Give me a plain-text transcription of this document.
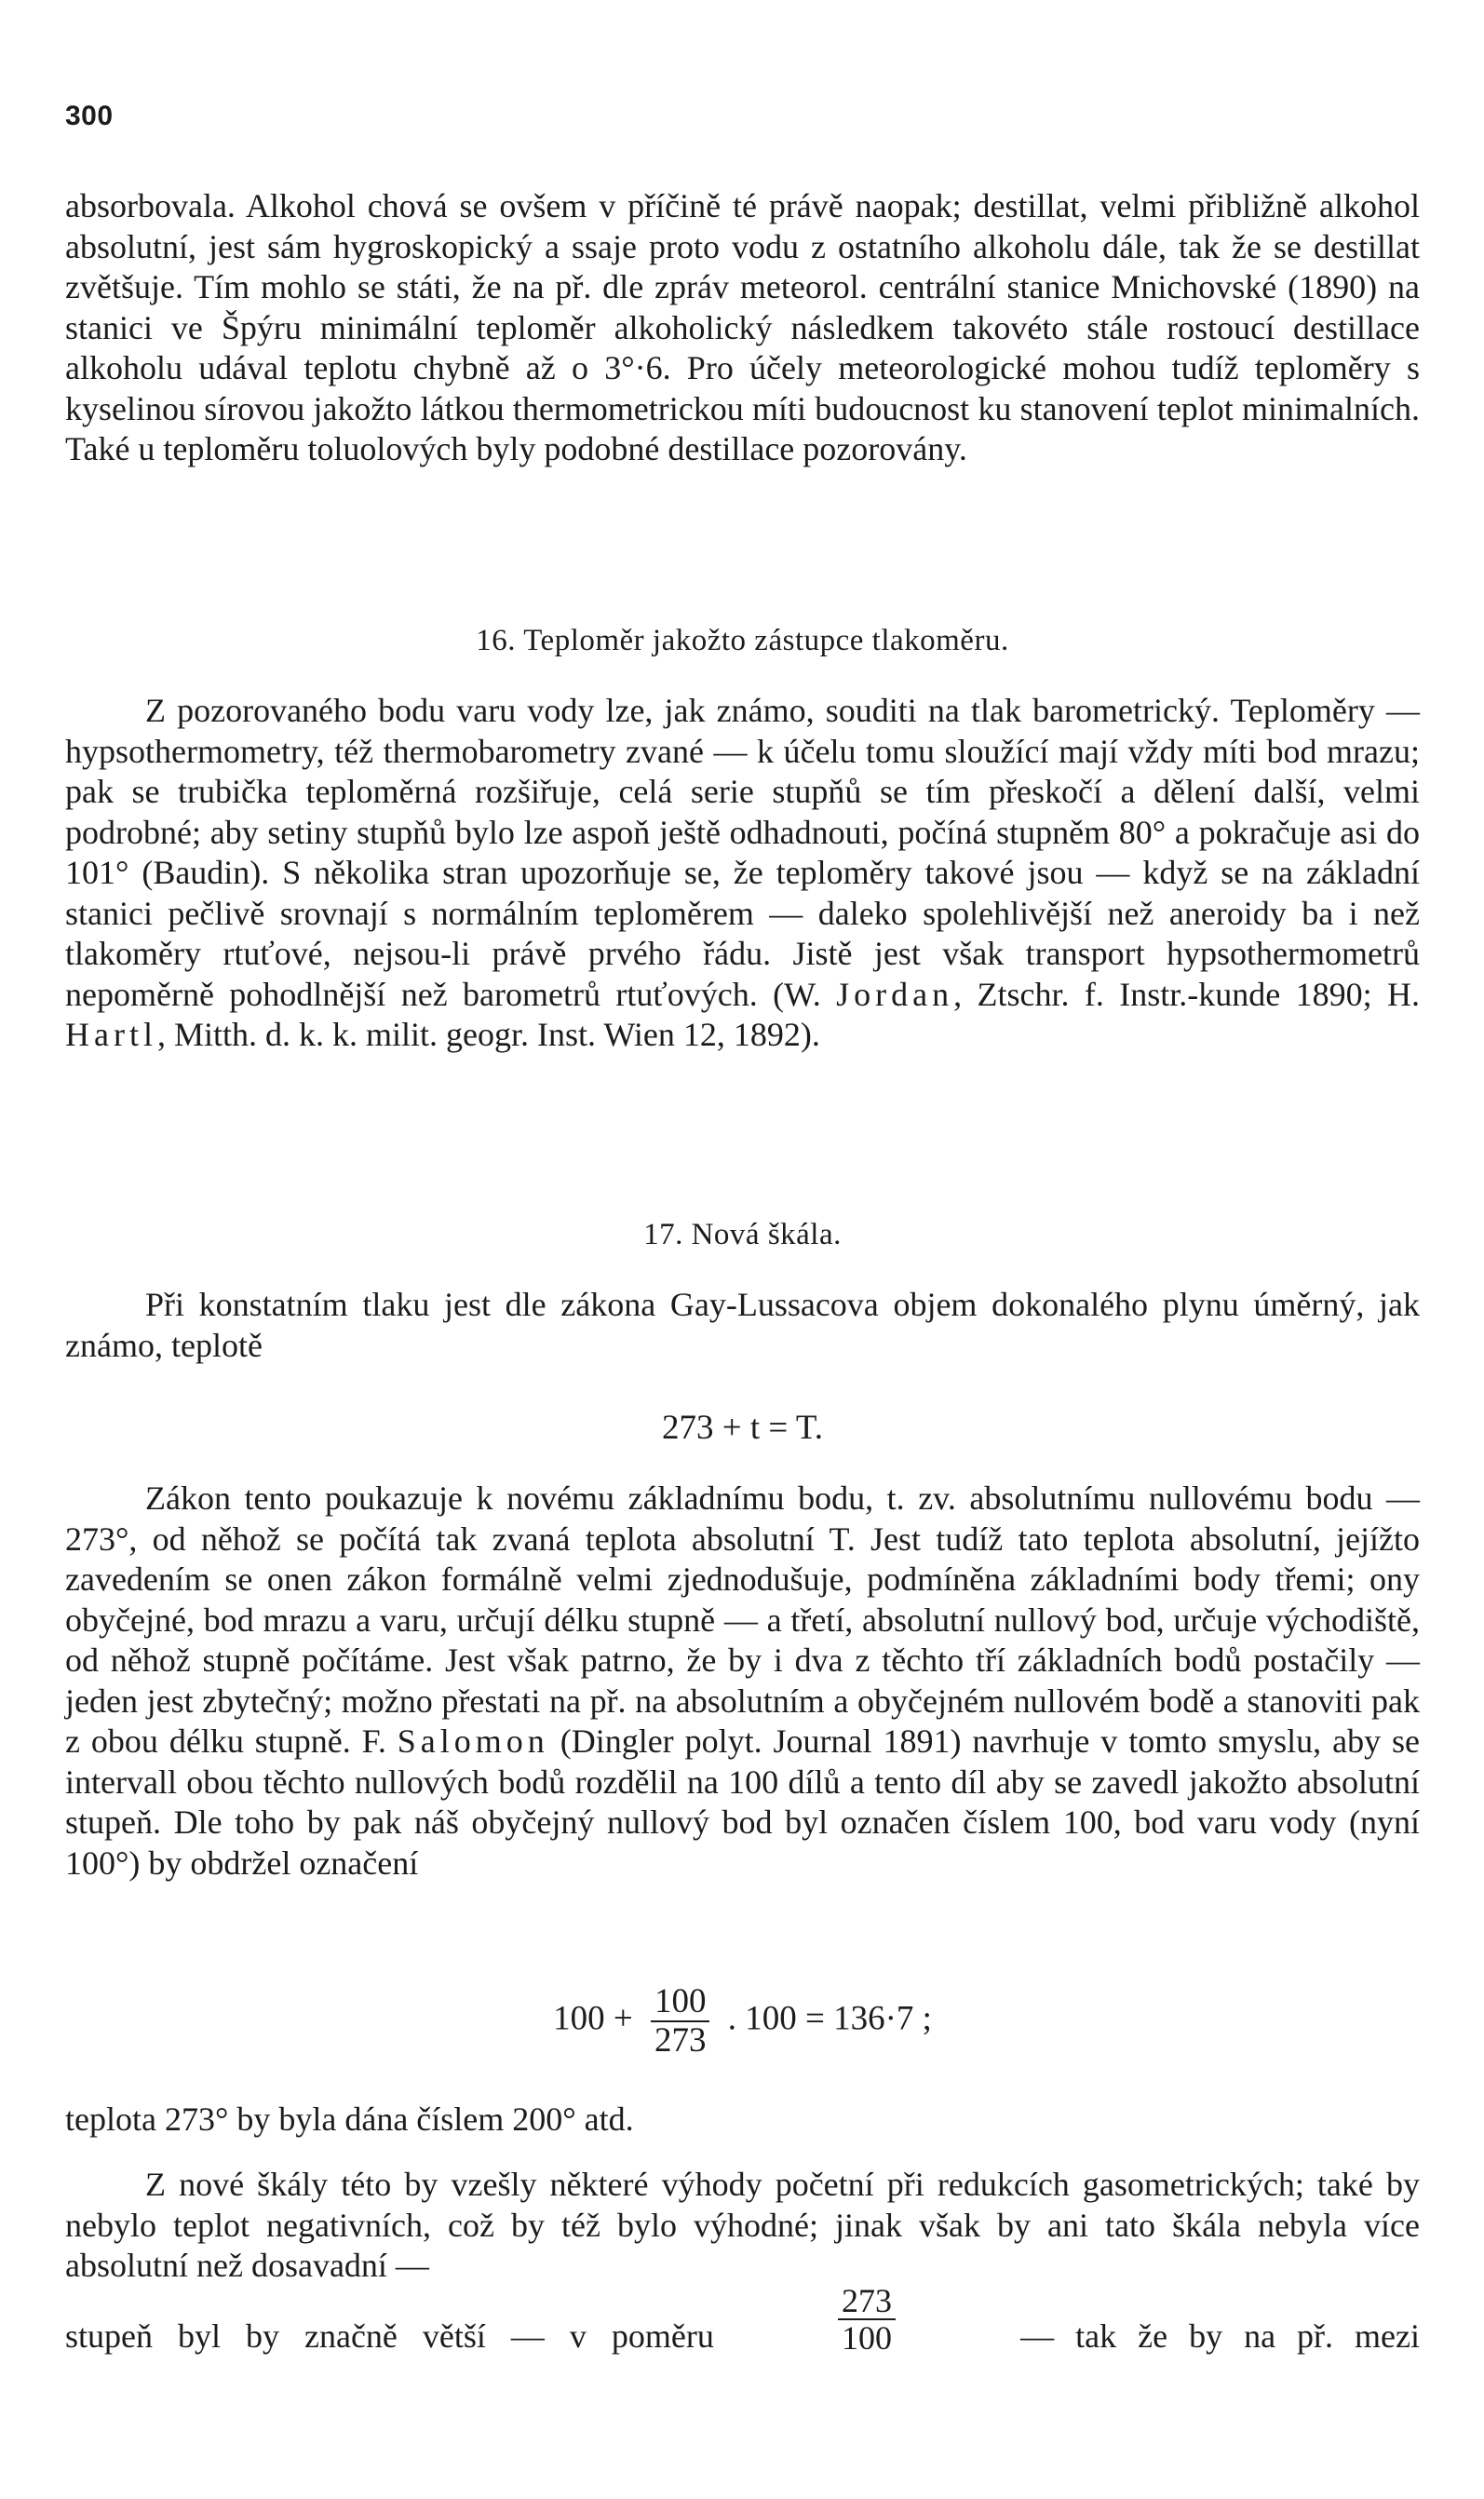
300

absorbovala. Alkohol chová se ovšem v příčině té právě naopak; destillat, velmi přibližně alkohol absolutní, jest sám hygroskopický a ssaje proto vodu z ostatního alkoholu dále, tak že se destillat zvětšuje. Tím mohlo se státi, že na př. dle zpráv meteorol. centrální stanice Mnichovské (1890) na stanici ve Špýru minimální teploměr alkoholický následkem takovéto stále rostoucí destillace alkoholu udával teplotu chybně až o 3°·6. Pro účely meteorologické mohou tudíž teploměry s kyselinou sírovou jakožto látkou thermometrickou míti budoucnost ku stanovení teplot minimalních. Také u teploměru toluolových byly podobné destillace pozorovány.

16. Teploměr jakožto zástupce tlakoměru.

Z pozorovaného bodu varu vody lze, jak známo, souditi na tlak barometrický. Teploměry — hypsothermometry, též thermobarometry zvané — k účelu tomu sloužící mají vždy míti bod mrazu; pak se trubička teploměrná rozšiřuje, celá serie stupňů se tím přeskočí a dělení další, velmi podrobné; aby setiny stupňů bylo lze aspoň ještě odhadnouti, počíná stupněm 80° a pokračuje asi do 101° (Baudin). S několika stran upozorňuje se, že teploměry takové jsou — když se na základní stanici pečlivě srovnají s normálním teploměrem — daleko spolehlivější než aneroidy ba i než tlakoměry rtuťové, nejsou-li právě prvého řádu. Jistě jest však transport hypsothermometrů nepoměrně pohodlnější než barometrů rtuťových. (W. Jordan, Ztschr. f. Instr.-kunde 1890; H. Hartl, Mitth. d. k. k. milit. geogr. Inst. Wien 12, 1892).

17. Nová škála.

Při konstatním tlaku jest dle zákona Gay-Lussacova objem dokonalého plynu úměrný, jak známo, teplotě

273 + t = T.

Zákon tento poukazuje k novému základnímu bodu, t. zv. absolutnímu nullovému bodu — 273°, od něhož se počítá tak zvaná teplota absolutní T. Jest tudíž tato teplota absolutní, jejížto zavedením se onen zákon formálně velmi zjednodušuje, podmíněna základními body třemi; ony obyčejné, bod mrazu a varu, určují délku stupně — a třetí, absolutní nullový bod, určuje východiště, od něhož stupně počítáme. Jest však patrno, že by i dva z těchto tří základních bodů postačily — jeden jest zbytečný; možno přestati na př. na absolutním a obyčejném nullovém bodě a stanoviti pak z obou délku stupně. F. Salomon (Dingler polyt. Journal 1891) navrhuje v tomto smyslu, aby se intervall obou těchto nullových bodů rozdělil na 100 dílů a tento díl aby se zavedl jakožto absolutní stupeň. Dle toho by pak náš obyčejný nullový bod byl označen číslem 100, bod varu vody (nyní 100°) by obdržel označení

$100 + \frac{100}{273}$ . 100 = 136·7 ;

teplota 273° by byla dána číslem 200° atd.

Z nové škály této by vzešly některé výhody početní při redukcích gasometrických; také by nebylo teplot negativních, což by též bylo výhodné; jinak však by ani tato škála nebyla více absolutní než dosavadní —

stupeň byl by značně větší — v poměru	$\frac{273}{100}$	— tak že by na př. mezi
